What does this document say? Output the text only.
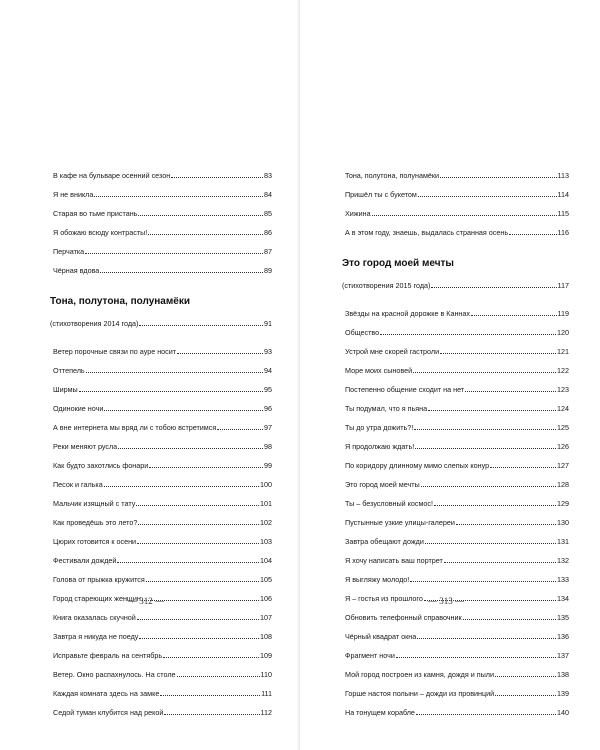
В кафе на бульваре осенний сезон	83
Я не вникла	84
Старая во тьме пристань	85
Я обожаю всюду контрасты!	86
Перчатка	87
Чёрная вдова	89
Тона, полутона, полунамёки
(стихотворения 2014 года)	91
Ветер порочные связи по ауре носит	93
Оттепель	94
Ширмы	95
Одинокие ночи	96
А вне интернета мы вряд ли с тобою встретимся	97
Реки меняют русла	98
Как будто захотлись фонари	99
Песок и галька	100
Мальчик изящный с тату	101
Как проведёшь это лето?	102
Цюрих готовится к осени	103
Фестивали дождей	104
Голова от прыжка кружится	105
Город стареющих женщин	106
Книга оказалась скучной	107
Завтра я никуда не поеду	108
Исправьте февраль на сентябрь	109
Ветер. Окно распахнулось. На столе	110
Каждая комната здесь на замке	111
Седой туман клубится над рекой	112
— 312 —
Тона, полутона, полунамёки	113
Пришёл ты с букетом	114
Хижина	115
А в этом году, знаешь, выдалась странная осень	116
Это город моей мечты
(стихотворения 2015 года)	117
Звёзды на красной дорожке в Каннах	119
Общество	120
Устрой мне скорей гастроли	121
Море моих сыновей	122
Постепенно общение сходит на нет	123
Ты подумал, что я пьяна	124
Ты до утра дожить?!	125
Я продолжаю ждать!	126
По коридору длинному мимо слепых конур	127
Это город моей мечты	128
Ты – безусловный космос!	129
Пустынные узкие улицы-галереи	130
Завтра обещают дожди	131
Я хочу написать ваш портрет	132
Я выгляжу молодо!	133
Я – гостья из прошлого	134
Обновить телефонный справочник	135
Чёрный квадрат окна	136
Фрагмент ночи	137
Мой город построен из камня, дождя и пыли	138
Горше настоя полыни – дожди из провинций	139
На тонущем корабле	140
— 313 —
